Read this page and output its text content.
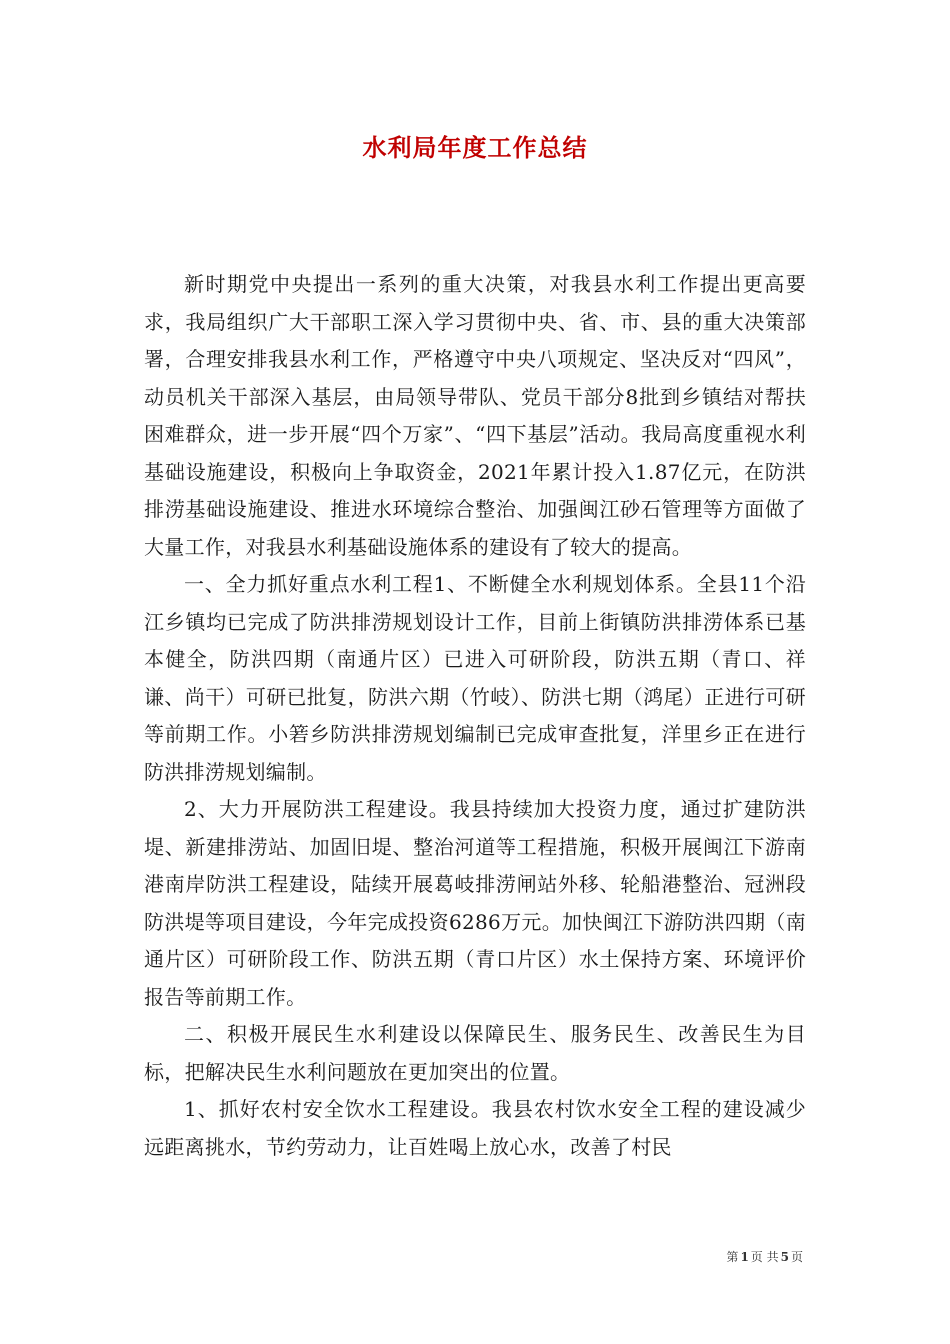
水利局年度工作总结

新时期党中央提出一系列的重大决策，对我县水利工作提出更高要求，我局组织广大干部职工深入学习贯彻中央、省、市、县的重大决策部署，合理安排我县水利工作，严格遵守中央八项规定、坚决反对“四风”，动员机关干部深入基层，由局领导带队、党员干部分8批到乡镇结对帮扶困难群众，进一步开展“四个万家”、“四下基层”活动。我局高度重视水利基础设施建设，积极向上争取资金，2021年累计投入1.87亿元，在防洪排涝基础设施建设、推进水环境综合整治、加强闽江砂石管理等方面做了大量工作，对我县水利基础设施体系的建设有了较大的提高。

一、全力抓好重点水利工程1、不断健全水利规划体系。全县11个沿江乡镇均已完成了防洪排涝规划设计工作，目前上街镇防洪排涝体系已基本健全，防洪四期（南通片区）已进入可研阶段，防洪五期（青口、祥谦、尚干）可研已批复，防洪六期（竹岐）、防洪七期（鸿尾）正进行可研等前期工作。小箬乡防洪排涝规划编制已完成审查批复，洋里乡正在进行防洪排涝规划编制。

2、大力开展防洪工程建设。我县持续加大投资力度，通过扩建防洪堤、新建排涝站、加固旧堤、整治河道等工程措施，积极开展闽江下游南港南岸防洪工程建设，陆续开展葛岐排涝闸站外移、轮船港整治、冠洲段防洪堤等项目建设，今年完成投资6286万元。加快闽江下游防洪四期（南通片区）可研阶段工作、防洪五期（青口片区）水土保持方案、环境评价报告等前期工作。

二、积极开展民生水利建设以保障民生、服务民生、改善民生为目标，把解决民生水利问题放在更加突出的位置。

1、抓好农村安全饮水工程建设。我县农村饮水安全工程的建设减少远距离挑水，节约劳动力，让百姓喝上放心水，改善了村民

第 1 页 共 5 页
